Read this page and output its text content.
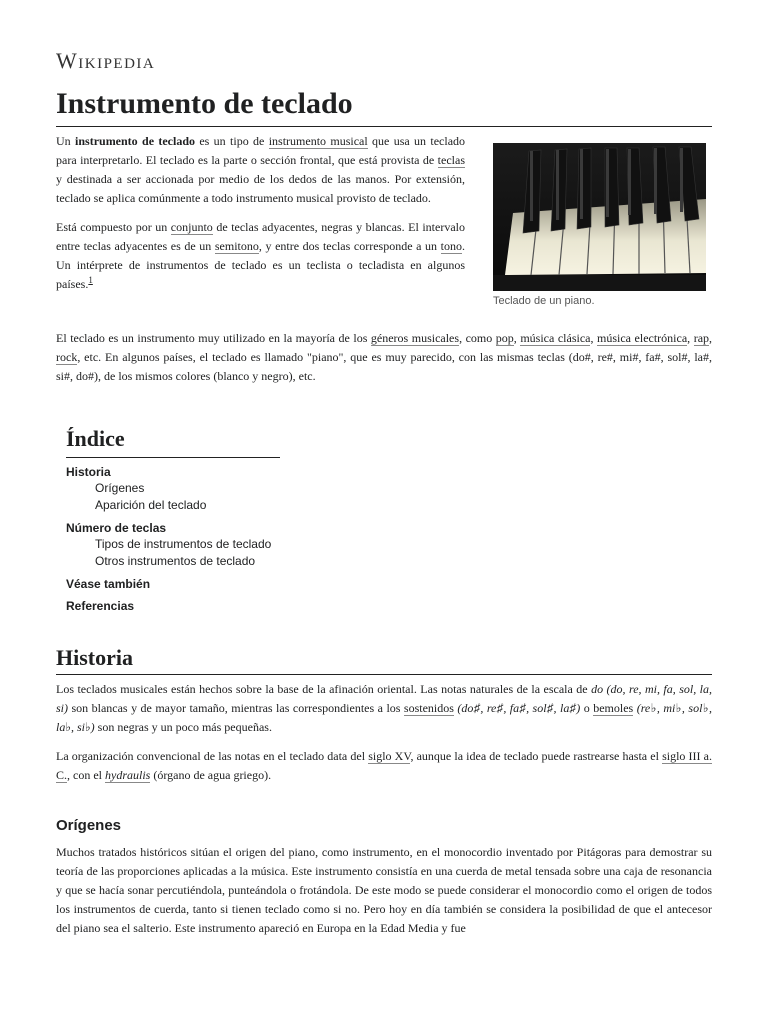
Wikipedia
Instrumento de teclado

Un instrumento de teclado es un tipo de instrumento musical que usa un teclado para interpretarlo. El teclado es la parte o sección frontal, que está provista de teclas y destinada a ser accionada por medio de los dedos de las manos. Por extensión, teclado se aplica comúnmente a todo instrumento musical provisto de teclado.

Está compuesto por un conjunto de teclas adyacentes, negras y blancas. El intervalo entre teclas adyacentes es de un semitono, y entre dos teclas corresponde a un tono. Un intérprete de instrumentos de teclado es un teclista o tecladista en algunos países.$^1$

Teclado de un piano.

El teclado es un instrumento muy utilizado en la mayoría de los géneros musicales, como pop, música clásica, música electrónica, rap, rock, etc. En algunos países, el teclado es llamado "piano", que es muy parecido, con las mismas teclas (do#, re#, mi#, fa#, sol#, la#, si#, do#), de los mismos colores (blanco y negro), etc.

Índice
Historia
Orígenes
Aparición del teclado
Número de teclas
Tipos de instrumentos de teclado
Otros instrumentos de teclado
Véase también
Referencias
Historia

Los teclados musicales están hechos sobre la base de la afinación oriental. Las notas naturales de la escala de do (do, re, mi, fa, sol, la, si) son blancas y de mayor tamaño, mientras las correspondientes a los sostenidos (do♯, re♯, fa♯, sol♯, la♯) o bemoles (re♭, mi♭, sol♭, la♭, si♭) son negras y un poco más pequeñas.

La organización convencional de las notas en el teclado data del siglo XV, aunque la idea de teclado puede rastrearse hasta el siglo III a. C., con el hydraulis (órgano de agua griego).

Orígenes

Muchos tratados históricos sitúan el origen del piano, como instrumento, en el monocordio inventado por Pitágoras para demostrar su teoría de las proporciones aplicadas a la música. Este instrumento consistía en una cuerda de metal tensada sobre una caja de resonancia y que se hacía sonar percutiéndola, punteándola o frotándola. De este modo se puede considerar el monocordio como el origen de todos los instrumentos de cuerda, tanto si tienen teclado como si no. Pero hoy en día también se considera la posibilidad de que el antecesor del piano sea el salterio. Este instrumento apareció en Europa en la Edad Media y fue
